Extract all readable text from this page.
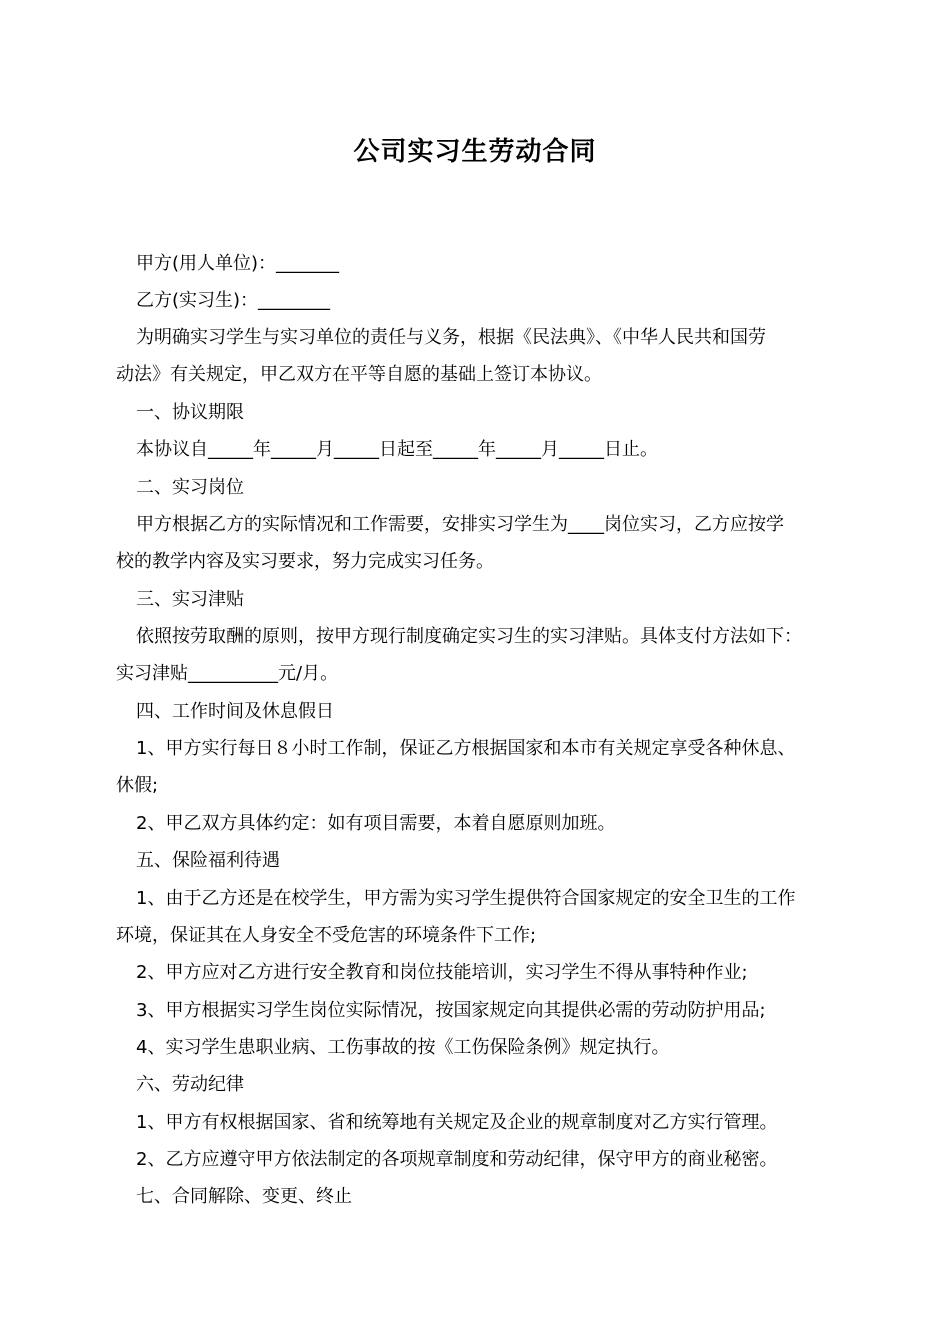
公司实习生劳动合同
甲方(用人单位)：_______
乙方(实习生)：________
为明确实习学生与实习单位的责任与义务，根据《民法典》、《中华人民共和国劳
动法》有关规定，甲乙双方在平等自愿的基础上签订本协议。
一、协议期限
本协议自_____年_____月_____日起至_____年_____月_____日止。
二、实习岗位
甲方根据乙方的实际情况和工作需要，安排实习学生为____岗位实习，乙方应按学
校的教学内容及实习要求，努力完成实习任务。
三、实习津贴
依照按劳取酬的原则，按甲方现行制度确定实习生的实习津贴。具体支付方法如下：
实习津贴__________元/月。
四、工作时间及休息假日
1、甲方实行每日８小时工作制，保证乙方根据国家和本市有关规定享受各种休息、
休假;
2、甲乙双方具体约定：如有项目需要，本着自愿原则加班。
五、保险福利待遇
1、由于乙方还是在校学生，甲方需为实习学生提供符合国家规定的安全卫生的工作
环境，保证其在人身安全不受危害的环境条件下工作;
2、甲方应对乙方进行安全教育和岗位技能培训，实习学生不得从事特种作业;
3、甲方根据实习学生岗位实际情况，按国家规定向其提供必需的劳动防护用品;
4、实习学生患职业病、工伤事故的按《工伤保险条例》规定执行。
六、劳动纪律
1、甲方有权根据国家、省和统筹地有关规定及企业的规章制度对乙方实行管理。
2、乙方应遵守甲方依法制定的各项规章制度和劳动纪律，保守甲方的商业秘密。
七、合同解除、变更、终止
